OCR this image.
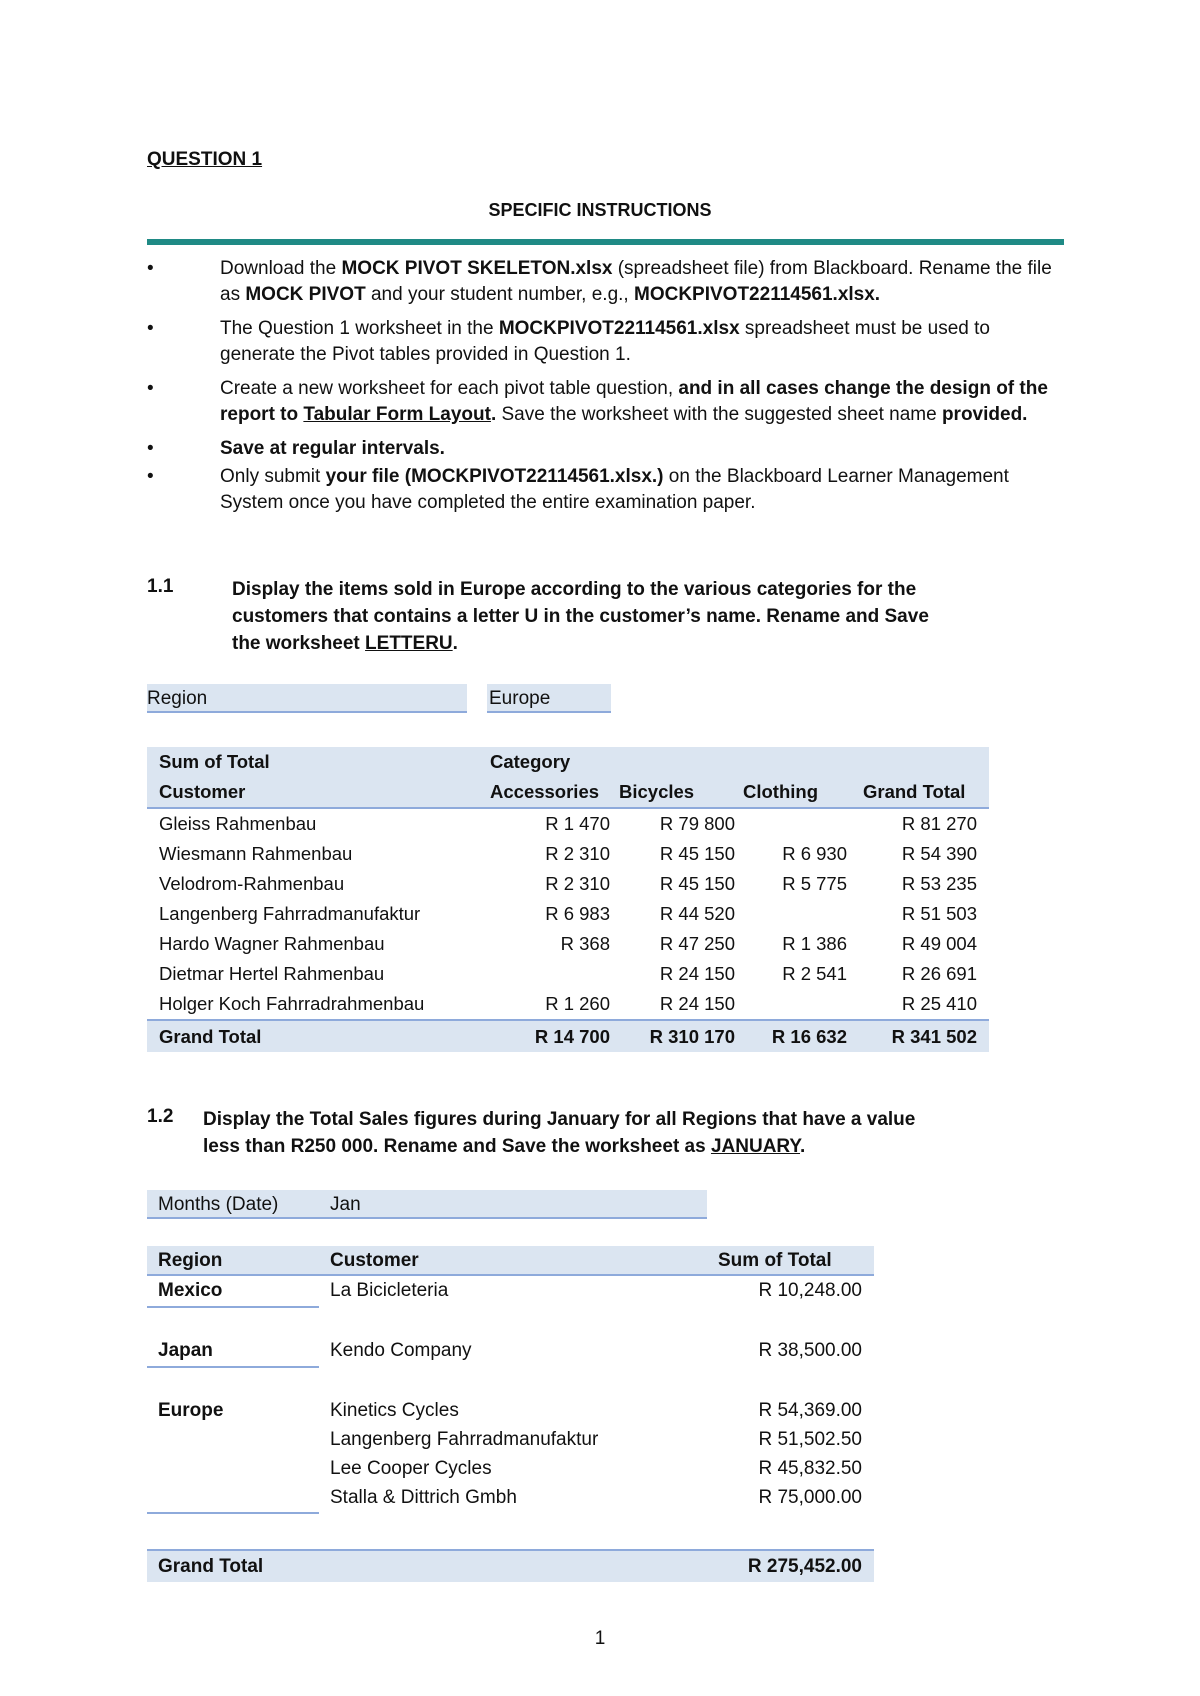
QUESTION 1
SPECIFIC INSTRUCTIONS
•	Download the MOCK PIVOT SKELETON.xlsx (spreadsheet file) from Blackboard. Rename the file as MOCK PIVOT and your student number, e.g., MOCKPIVOT22114561.xlsx.
•	The Question 1 worksheet in the MOCKPIVOT22114561.xlsx spreadsheet must be used to generate the Pivot tables provided in Question 1.
•	Create a new worksheet for each pivot table question, and in all cases change the design of the report to Tabular Form Layout. Save the worksheet with the suggested sheet name provided.
•	Save at regular intervals.
•	Only submit your file (MOCKPIVOT22114561.xlsx.) on the Blackboard Learner Management System once you have completed the entire examination paper.
1.1	Display the items sold in Europe according to the various categories for the customers that contains a letter U in the customer’s name. Rename and Save the worksheet LETTERU.
Region	Europe
Sum of Total	Category			
Customer	Accessories	Bicycles	Clothing	Grand Total
Gleiss Rahmenbau	R 1 470	R 79 800		R 81 270
Wiesmann Rahmenbau	R 2 310	R 45 150	R 6 930	R 54 390
Velodrom-Rahmenbau	R 2 310	R 45 150	R 5 775	R 53 235
Langenberg Fahrradmanufaktur	R 6 983	R 44 520		R 51 503
Hardo Wagner Rahmenbau	R 368	R 47 250	R 1 386	R 49 004
Dietmar Hertel Rahmenbau		R 24 150	R 2 541	R 26 691
Holger Koch Fahrradrahmenbau	R 1 260	R 24 150		R 25 410
Grand Total	R 14 700	R 310 170	R 16 632	R 341 502
1.2 Display the Total Sales figures during January for all Regions that have a value less than R250 000. Rename and Save the worksheet as JANUARY.
Months (Date)	Jan
Region	Customer	Sum of Total
Mexico	La Bicicleteria	R 10,248.00
Japan	Kendo Company	R 38,500.00
Europe	Kinetics Cycles	R 54,369.00
Langenberg Fahrradmanufaktur	R 51,502.50
Lee Cooper Cycles	R 45,832.50
Stalla & Dittrich Gmbh	R 75,000.00
Grand Total	R 275,452.00
1
